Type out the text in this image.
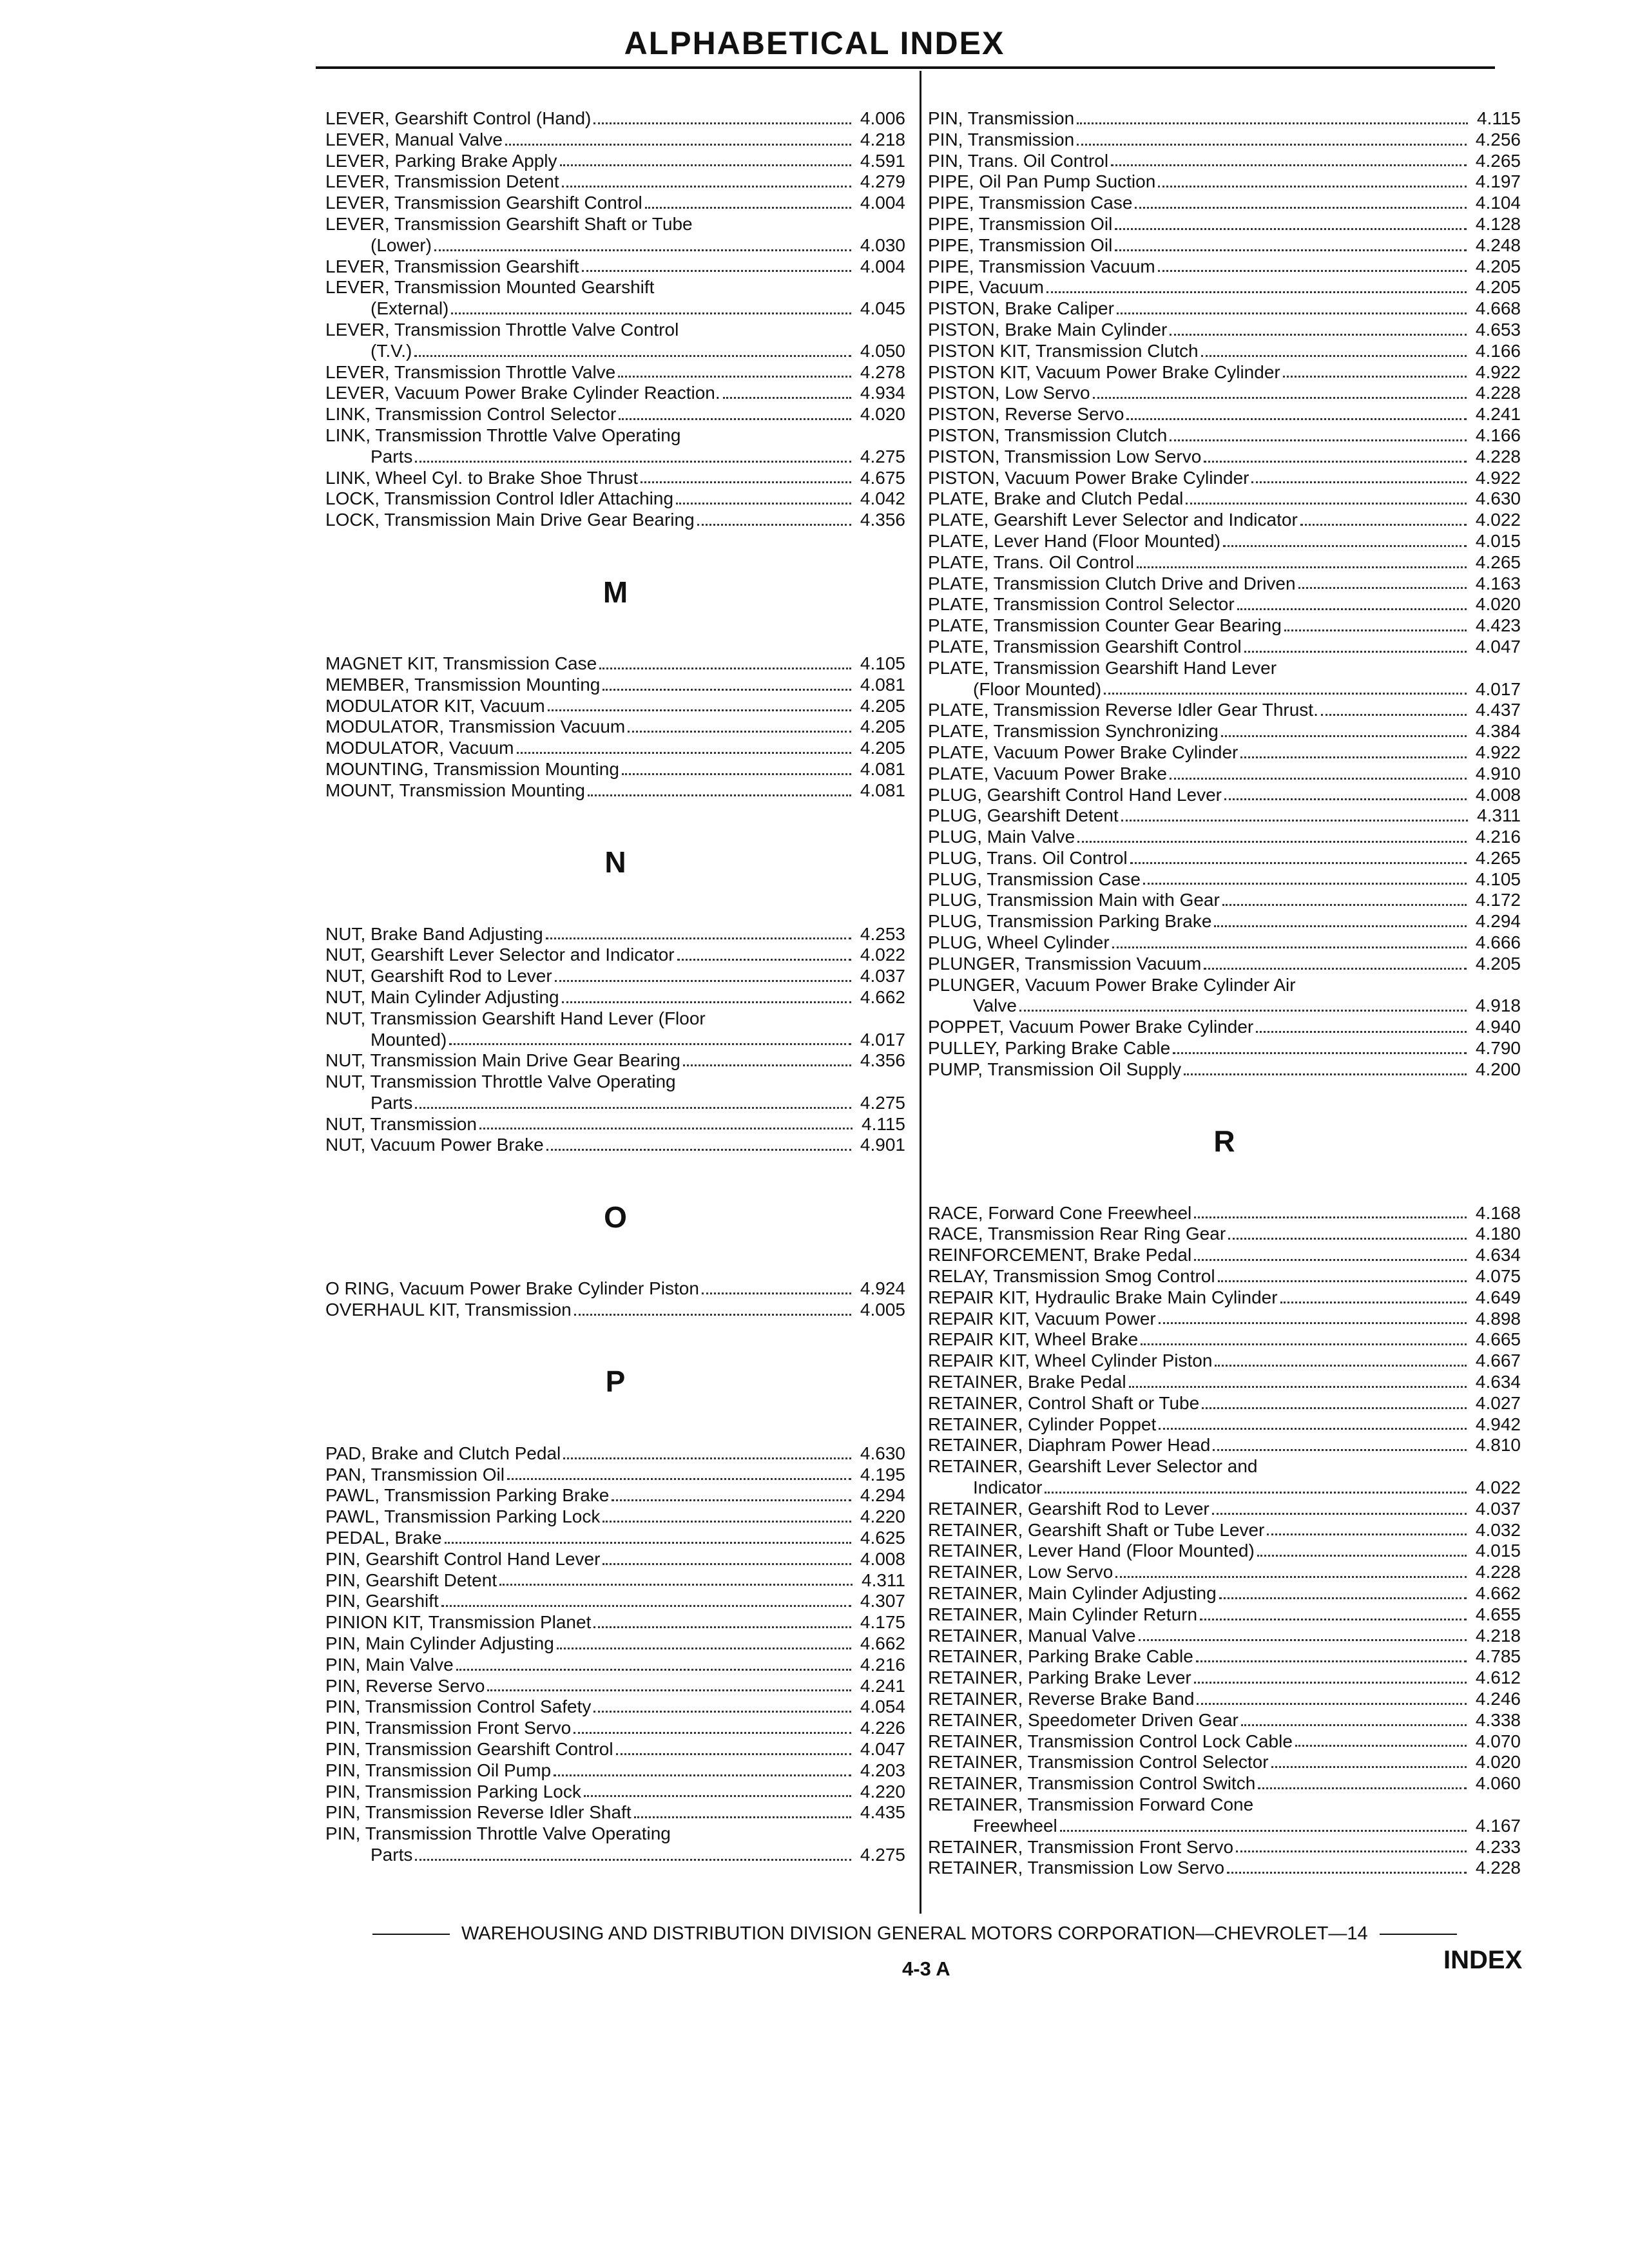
ALPHABETICAL INDEX
LEVER, Gearshift Control (Hand)	4.006
LEVER, Manual Valve	4.218
LEVER, Parking Brake Apply	4.591
LEVER, Transmission Detent	4.279
LEVER, Transmission Gearshift Control	4.004
LEVER, Transmission Gearshift Shaft or Tube
(Lower)	4.030
LEVER, Transmission Gearshift	4.004
LEVER, Transmission Mounted Gearshift
(External)	4.045
LEVER, Transmission Throttle Valve Control
(T.V.)	4.050
LEVER, Transmission Throttle Valve	4.278
LEVER, Vacuum Power Brake Cylinder Reaction.	4.934
LINK, Transmission Control Selector	4.020
LINK, Transmission Throttle Valve Operating
Parts	4.275
LINK, Wheel Cyl. to Brake Shoe Thrust	4.675
LOCK, Transmission Control Idler Attaching	4.042
LOCK, Transmission Main Drive Gear Bearing	4.356
M
MAGNET KIT, Transmission Case	4.105
MEMBER, Transmission Mounting	4.081
MODULATOR KIT, Vacuum	4.205
MODULATOR, Transmission Vacuum	4.205
MODULATOR, Vacuum	4.205
MOUNTING, Transmission Mounting	4.081
MOUNT, Transmission Mounting	4.081
N
NUT, Brake Band Adjusting	4.253
NUT, Gearshift Lever Selector and Indicator	4.022
NUT, Gearshift Rod to Lever	4.037
NUT, Main Cylinder Adjusting	4.662
NUT, Transmission Gearshift Hand Lever (Floor
Mounted)	4.017
NUT, Transmission Main Drive Gear Bearing	4.356
NUT, Transmission Throttle Valve Operating
Parts	4.275
NUT, Transmission	4.115
NUT, Vacuum Power Brake	4.901
O
O RING, Vacuum Power Brake Cylinder Piston	4.924
OVERHAUL KIT, Transmission	4.005
P
PAD, Brake and Clutch Pedal	4.630
PAN, Transmission Oil	4.195
PAWL, Transmission Parking Brake	4.294
PAWL, Transmission Parking Lock	4.220
PEDAL, Brake	4.625
PIN, Gearshift Control Hand Lever	4.008
PIN, Gearshift Detent	4.311
PIN, Gearshift	4.307
PINION KIT, Transmission Planet	4.175
PIN, Main Cylinder Adjusting	4.662
PIN, Main Valve	4.216
PIN, Reverse Servo	4.241
PIN, Transmission Control Safety	4.054
PIN, Transmission Front Servo	4.226
PIN, Transmission Gearshift Control	4.047
PIN, Transmission Oil Pump	4.203
PIN, Transmission Parking Lock	4.220
PIN, Transmission Reverse Idler Shaft	4.435
PIN, Transmission Throttle Valve Operating
Parts	4.275
PIN, Transmission	4.115
PIN, Transmission	4.256
PIN, Trans. Oil Control	4.265
PIPE, Oil Pan Pump Suction	4.197
PIPE, Transmission Case	4.104
PIPE, Transmission Oil	4.128
PIPE, Transmission Oil	4.248
PIPE, Transmission Vacuum	4.205
PIPE, Vacuum	4.205
PISTON, Brake Caliper	4.668
PISTON, Brake Main Cylinder	4.653
PISTON KIT, Transmission Clutch	4.166
PISTON KIT, Vacuum Power Brake Cylinder	4.922
PISTON, Low Servo	4.228
PISTON, Reverse Servo	4.241
PISTON, Transmission Clutch	4.166
PISTON, Transmission Low Servo	4.228
PISTON, Vacuum Power Brake Cylinder	4.922
PLATE, Brake and Clutch Pedal	4.630
PLATE, Gearshift Lever Selector and Indicator	4.022
PLATE, Lever Hand (Floor Mounted)	4.015
PLATE, Trans. Oil Control	4.265
PLATE, Transmission Clutch Drive and Driven	4.163
PLATE, Transmission Control Selector	4.020
PLATE, Transmission Counter Gear Bearing	4.423
PLATE, Transmission Gearshift Control	4.047
PLATE, Transmission Gearshift Hand Lever
(Floor Mounted)	4.017
PLATE, Transmission Reverse Idler Gear Thrust.	4.437
PLATE, Transmission Synchronizing	4.384
PLATE, Vacuum Power Brake Cylinder	4.922
PLATE, Vacuum Power Brake	4.910
PLUG, Gearshift Control Hand Lever	4.008
PLUG, Gearshift Detent	4.311
PLUG, Main Valve	4.216
PLUG, Trans. Oil Control	4.265
PLUG, Transmission Case	4.105
PLUG, Transmission Main with Gear	4.172
PLUG, Transmission Parking Brake	4.294
PLUG, Wheel Cylinder	4.666
PLUNGER, Transmission Vacuum	4.205
PLUNGER, Vacuum Power Brake Cylinder Air
Valve	4.918
POPPET, Vacuum Power Brake Cylinder	4.940
PULLEY, Parking Brake Cable	4.790
PUMP, Transmission Oil Supply	4.200
R
RACE, Forward Cone Freewheel	4.168
RACE, Transmission Rear Ring Gear	4.180
REINFORCEMENT, Brake Pedal	4.634
RELAY, Transmission Smog Control	4.075
REPAIR KIT, Hydraulic Brake Main Cylinder	4.649
REPAIR KIT, Vacuum Power	4.898
REPAIR KIT, Wheel Brake	4.665
REPAIR KIT, Wheel Cylinder Piston	4.667
RETAINER, Brake Pedal	4.634
RETAINER, Control Shaft or Tube	4.027
RETAINER, Cylinder Poppet	4.942
RETAINER, Diaphram Power Head	4.810
RETAINER, Gearshift Lever Selector and
Indicator	4.022
RETAINER, Gearshift Rod to Lever	4.037
RETAINER, Gearshift Shaft or Tube Lever	4.032
RETAINER, Lever Hand (Floor Mounted)	4.015
RETAINER, Low Servo	4.228
RETAINER, Main Cylinder Adjusting	4.662
RETAINER, Main Cylinder Return	4.655
RETAINER, Manual Valve	4.218
RETAINER, Parking Brake Cable	4.785
RETAINER, Parking Brake Lever	4.612
RETAINER, Reverse Brake Band	4.246
RETAINER, Speedometer Driven Gear	4.338
RETAINER, Transmission Control Lock Cable	4.070
RETAINER, Transmission Control Selector	4.020
RETAINER, Transmission Control Switch	4.060
RETAINER, Transmission Forward Cone
Freewheel	4.167
RETAINER, Transmission Front Servo	4.233
RETAINER, Transmission Low Servo	4.228
WAREHOUSING AND DISTRIBUTION DIVISION GENERAL MOTORS CORPORATION—CHEVROLET—14
4-3 A	INDEX
